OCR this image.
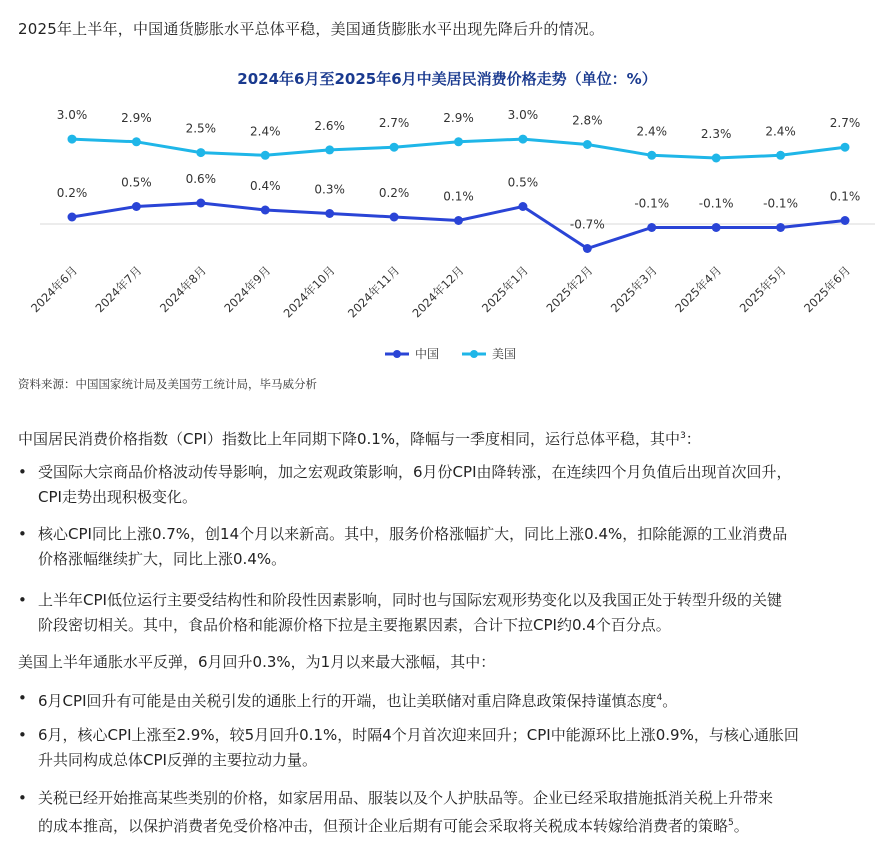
2025年上半年，中国通货膨胀水平总体平稳，美国通货膨胀水平出现先降后升的情况。
2024年6月至2025年6月中美居民消费价格走势（单位：%）
0.2%
0.5%	0.6%	0.4%	0.3%	0.2%	0.1%
0.5%
-0.7%
-0.1% -0.1% -0.1%	0.1%
3.0%	2.9%
2.5%	2.4%	2.6%	2.7%	2.9%	3.0%	2.8%
2.4%	2.3%	2.4%
2.7%
2024年6月 2024年7月 2024年8月 2024年9月 2024年10月 2024年11月 2024年12月 2025年1月 2025年2月 2025年3月 2025年4月 2025年5月 2025年6月
中国	美国
资料来源：中国国家统计局及美国劳工统计局，毕马威分析
中国居民消费价格指数（CPI）指数比上年同期下降0.1%，降幅与一季度相同，运行总体平稳，其中$^3$：
• 受国际大宗商品价格波动传导影响，加之宏观政策影响，6月份CPI由降转涨，在连续四个月负值后出现首次回升，
CPI走势出现积极变化。
• 核心CPI同比上涨0.7%，创14个月以来新高。其中，服务价格涨幅扩大，同比上涨0.4%，扣除能源的工业消费品
价格涨幅继续扩大，同比上涨0.4%。
• 上半年CPI低位运行主要受结构性和阶段性因素影响，同时也与国际宏观形势变化以及我国正处于转型升级的关键
阶段密切相关。其中，食品价格和能源价格下拉是主要拖累因素，合计下拉CPI约0.4个百分点。
美国上半年通胀水平反弹，6月回升0.3%，为1月以来最大涨幅，其中：
• 6月CPI回升有可能是由关税引发的通胀上行的开端，也让美联储对重启降息政策保持谨慎态度$^4$。
• 6月，核心CPI上涨至2.9%，较5月回升0.1%，时隔4个月首次迎来回升；CPI中能源环比上涨0.9%，与核心通胀回
升共同构成总体CPI反弹的主要拉动力量。
• 关税已经开始推高某些类别的价格，如家居用品、服装以及个人护肤品等。企业已经采取措施抵消关税上升带来
的成本推高，以保护消费者免受价格冲击，但预计企业后期有可能会采取将关税成本转嫁给消费者的策略$^5$。
